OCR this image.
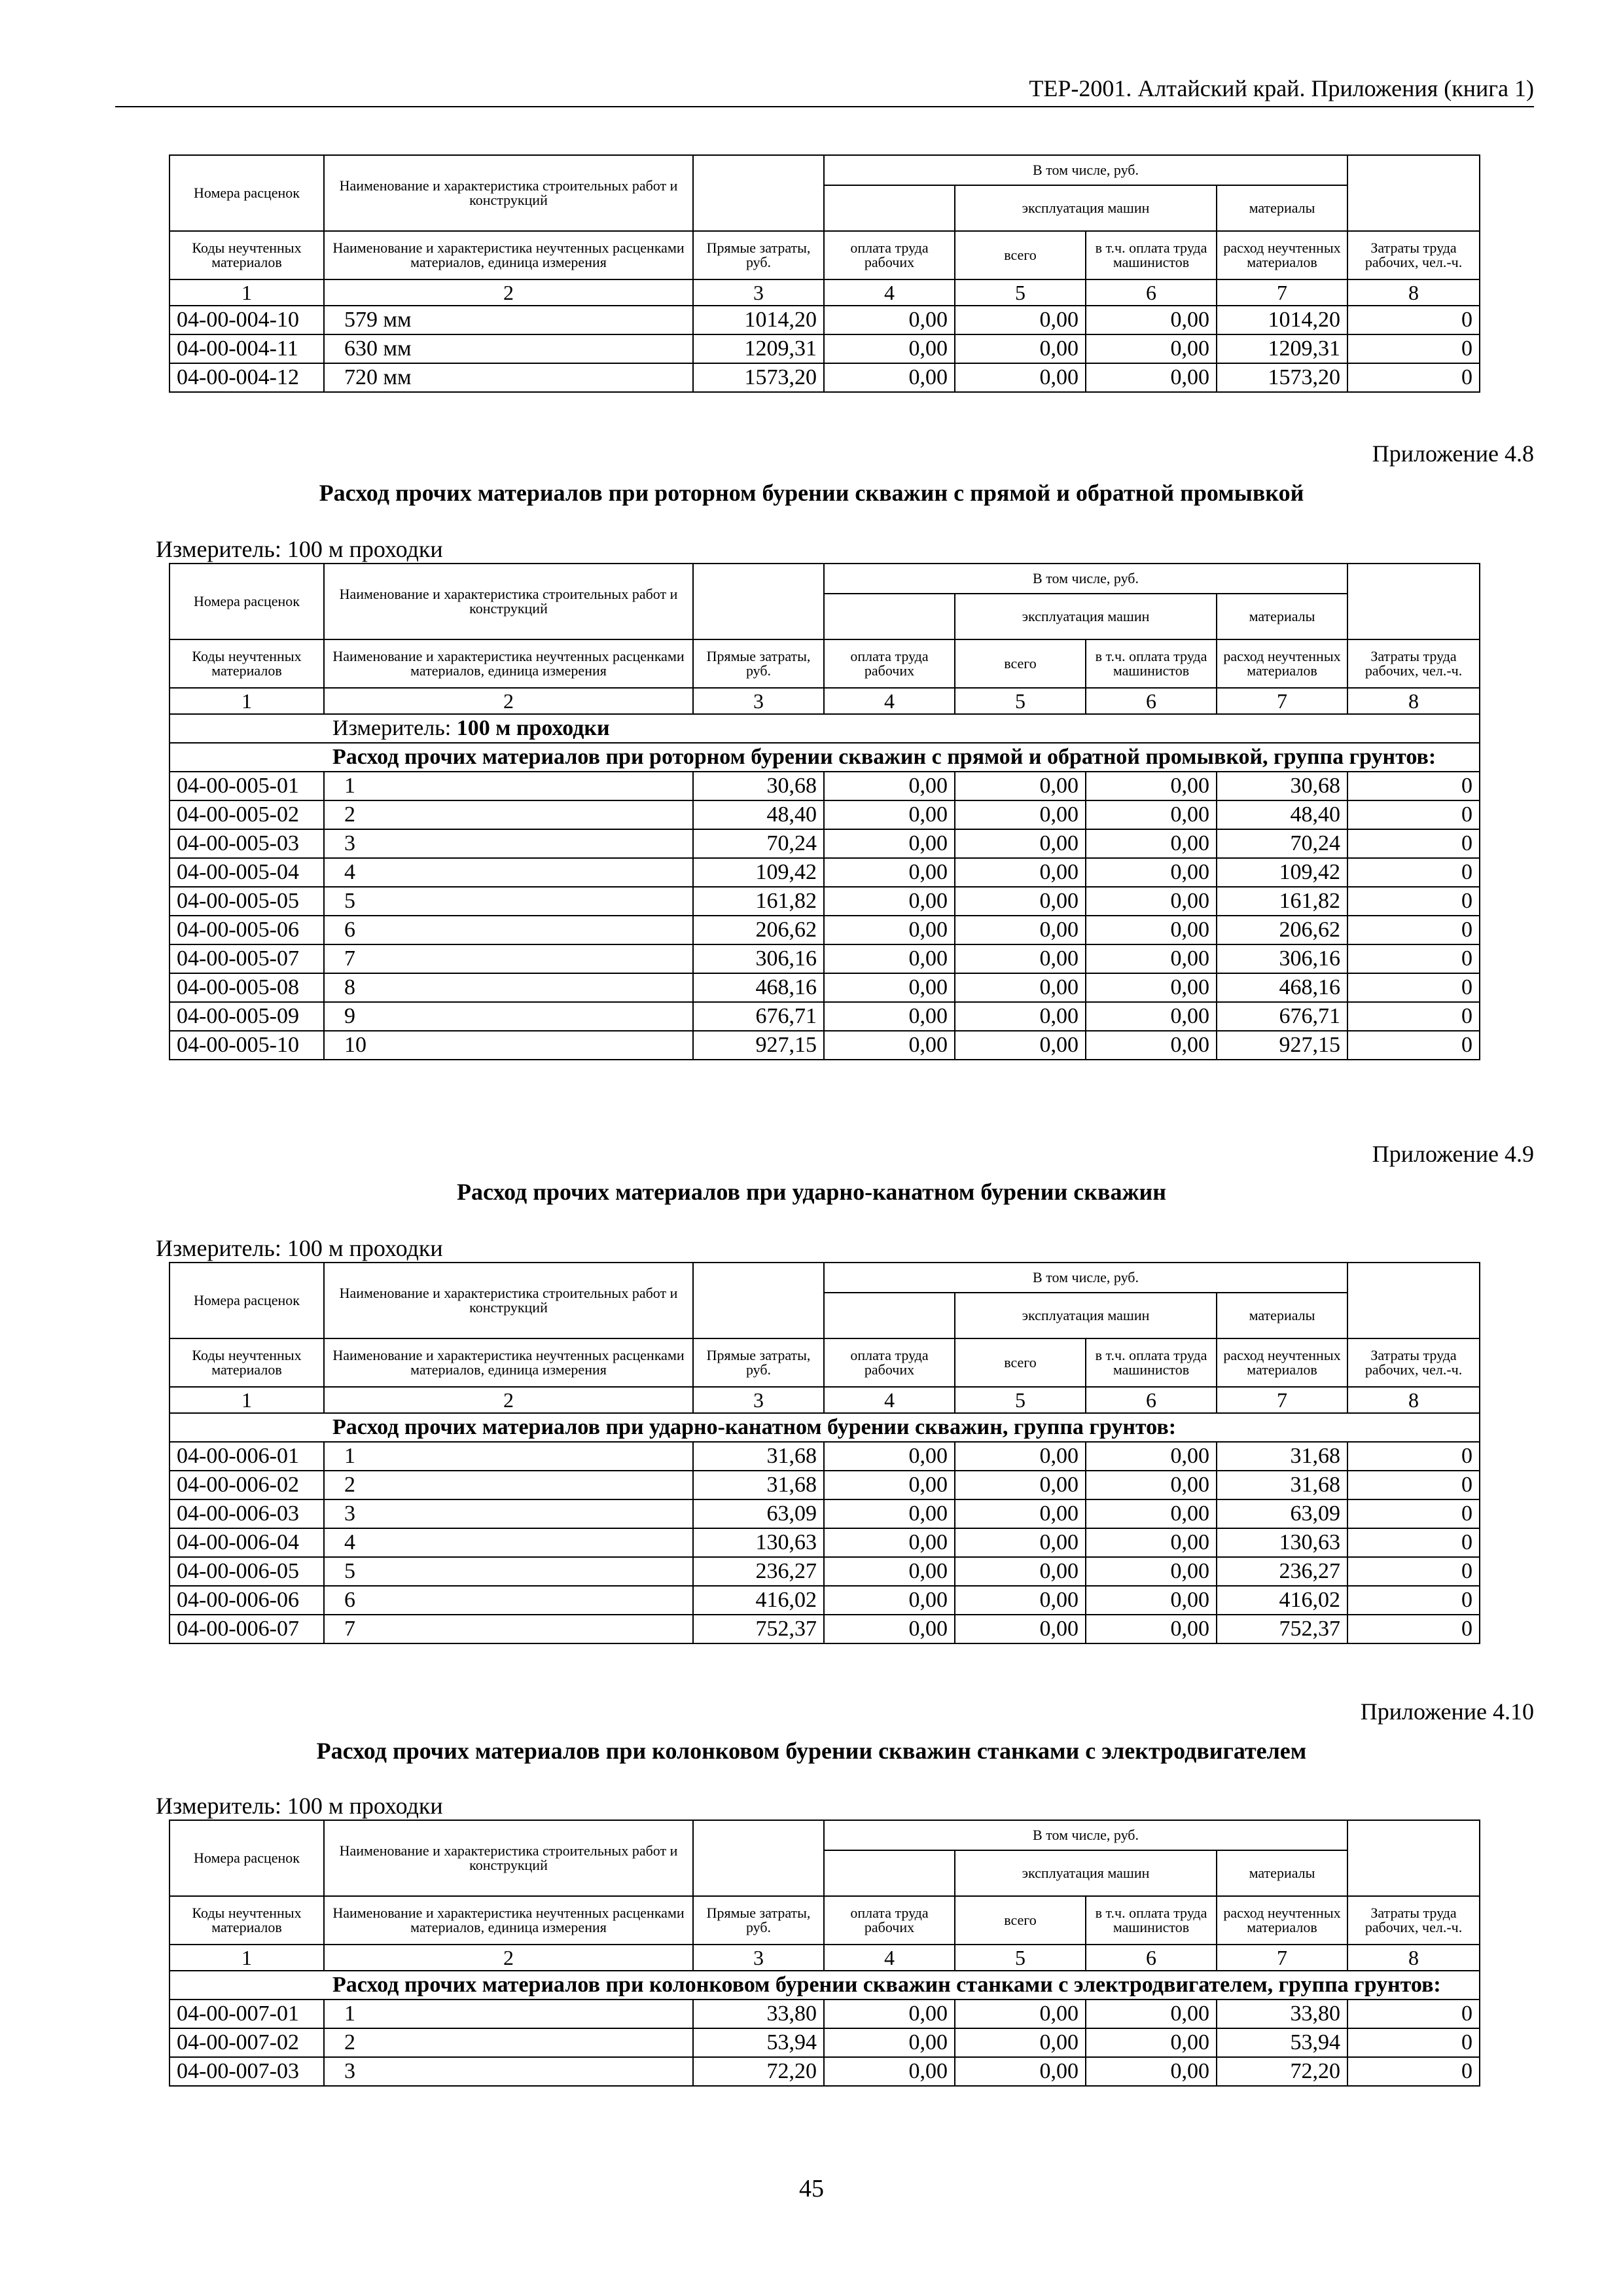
ТЕР-2001. Алтайский край. Приложения (книга 1)
Номера расценок	Наименование и характеристика строительных работ и конструкций		В том числе, руб.				
				эксплуатация машин		материалы	
Коды неучтенных материалов	Наименование и характеристика неучтенных расценками материалов, единица измерения	Прямые затраты, руб.	оплата труда рабочих	всего	в т.ч. оплата труда машинистов	расход неучтенных материалов	Затраты труда рабочих, чел.-ч.
1	2	3	4	5	6	7	8
04-00-004-10	579 мм	1014,20	0,00	0,00	0,00	1014,20	0
04-00-004-11	630 мм	1209,31	0,00	0,00	0,00	1209,31	0
04-00-004-12	720 мм	1573,20	0,00	0,00	0,00	1573,20	0
Приложение 4.8
Расход прочих материалов при роторном бурении скважин с прямой и обратной промывкой
Измеритель: 100 м проходки
Номера расценок	Наименование и характеристика строительных работ и конструкций		В том числе, руб.				
				эксплуатация машин		материалы	
Коды неучтенных материалов	Наименование и характеристика неучтенных расценками материалов, единица измерения	Прямые затраты, руб.	оплата труда рабочих	всего	в т.ч. оплата труда машинистов	расход неучтенных материалов	Затраты труда рабочих, чел.-ч.
1	2	3	4	5	6	7	8
Измеритель: 100 м проходки							
Расход прочих материалов при роторном бурении скважин с прямой и обратной промывкой, группа грунтов:							
04-00-005-01	1	30,68	0,00	0,00	0,00	30,68	0
04-00-005-02	2	48,40	0,00	0,00	0,00	48,40	0
04-00-005-03	3	70,24	0,00	0,00	0,00	70,24	0
04-00-005-04	4	109,42	0,00	0,00	0,00	109,42	0
04-00-005-05	5	161,82	0,00	0,00	0,00	161,82	0
04-00-005-06	6	206,62	0,00	0,00	0,00	206,62	0
04-00-005-07	7	306,16	0,00	0,00	0,00	306,16	0
04-00-005-08	8	468,16	0,00	0,00	0,00	468,16	0
04-00-005-09	9	676,71	0,00	0,00	0,00	676,71	0
04-00-005-10	10	927,15	0,00	0,00	0,00	927,15	0
Приложение 4.9
Расход прочих материалов при ударно-канатном бурении скважин
Измеритель: 100 м проходки
Номера расценок	Наименование и характеристика строительных работ и конструкций		В том числе, руб.				
				эксплуатация машин		материалы	
Коды неучтенных материалов	Наименование и характеристика неучтенных расценками материалов, единица измерения	Прямые затраты, руб.	оплата труда рабочих	всего	в т.ч. оплата труда машинистов	расход неучтенных материалов	Затраты труда рабочих, чел.-ч.
1	2	3	4	5	6	7	8
Расход прочих материалов при ударно-канатном бурении скважин, группа грунтов:							
04-00-006-01	1	31,68	0,00	0,00	0,00	31,68	0
04-00-006-02	2	31,68	0,00	0,00	0,00	31,68	0
04-00-006-03	3	63,09	0,00	0,00	0,00	63,09	0
04-00-006-04	4	130,63	0,00	0,00	0,00	130,63	0
04-00-006-05	5	236,27	0,00	0,00	0,00	236,27	0
04-00-006-06	6	416,02	0,00	0,00	0,00	416,02	0
04-00-006-07	7	752,37	0,00	0,00	0,00	752,37	0
Приложение 4.10
Расход прочих материалов при колонковом бурении скважин станками с электродвигателем
Измеритель: 100 м проходки
Номера расценок	Наименование и характеристика строительных работ и конструкций		В том числе, руб.				
				эксплуатация машин		материалы	
Коды неучтенных материалов	Наименование и характеристика неучтенных расценками материалов, единица измерения	Прямые затраты, руб.	оплата труда рабочих	всего	в т.ч. оплата труда машинистов	расход неучтенных материалов	Затраты труда рабочих, чел.-ч.
1	2	3	4	5	6	7	8
Расход прочих материалов при колонковом бурении скважин станками с электродвигателем, группа грунтов:							
04-00-007-01	1	33,80	0,00	0,00	0,00	33,80	0
04-00-007-02	2	53,94	0,00	0,00	0,00	53,94	0
04-00-007-03	3	72,20	0,00	0,00	0,00	72,20	0
45
